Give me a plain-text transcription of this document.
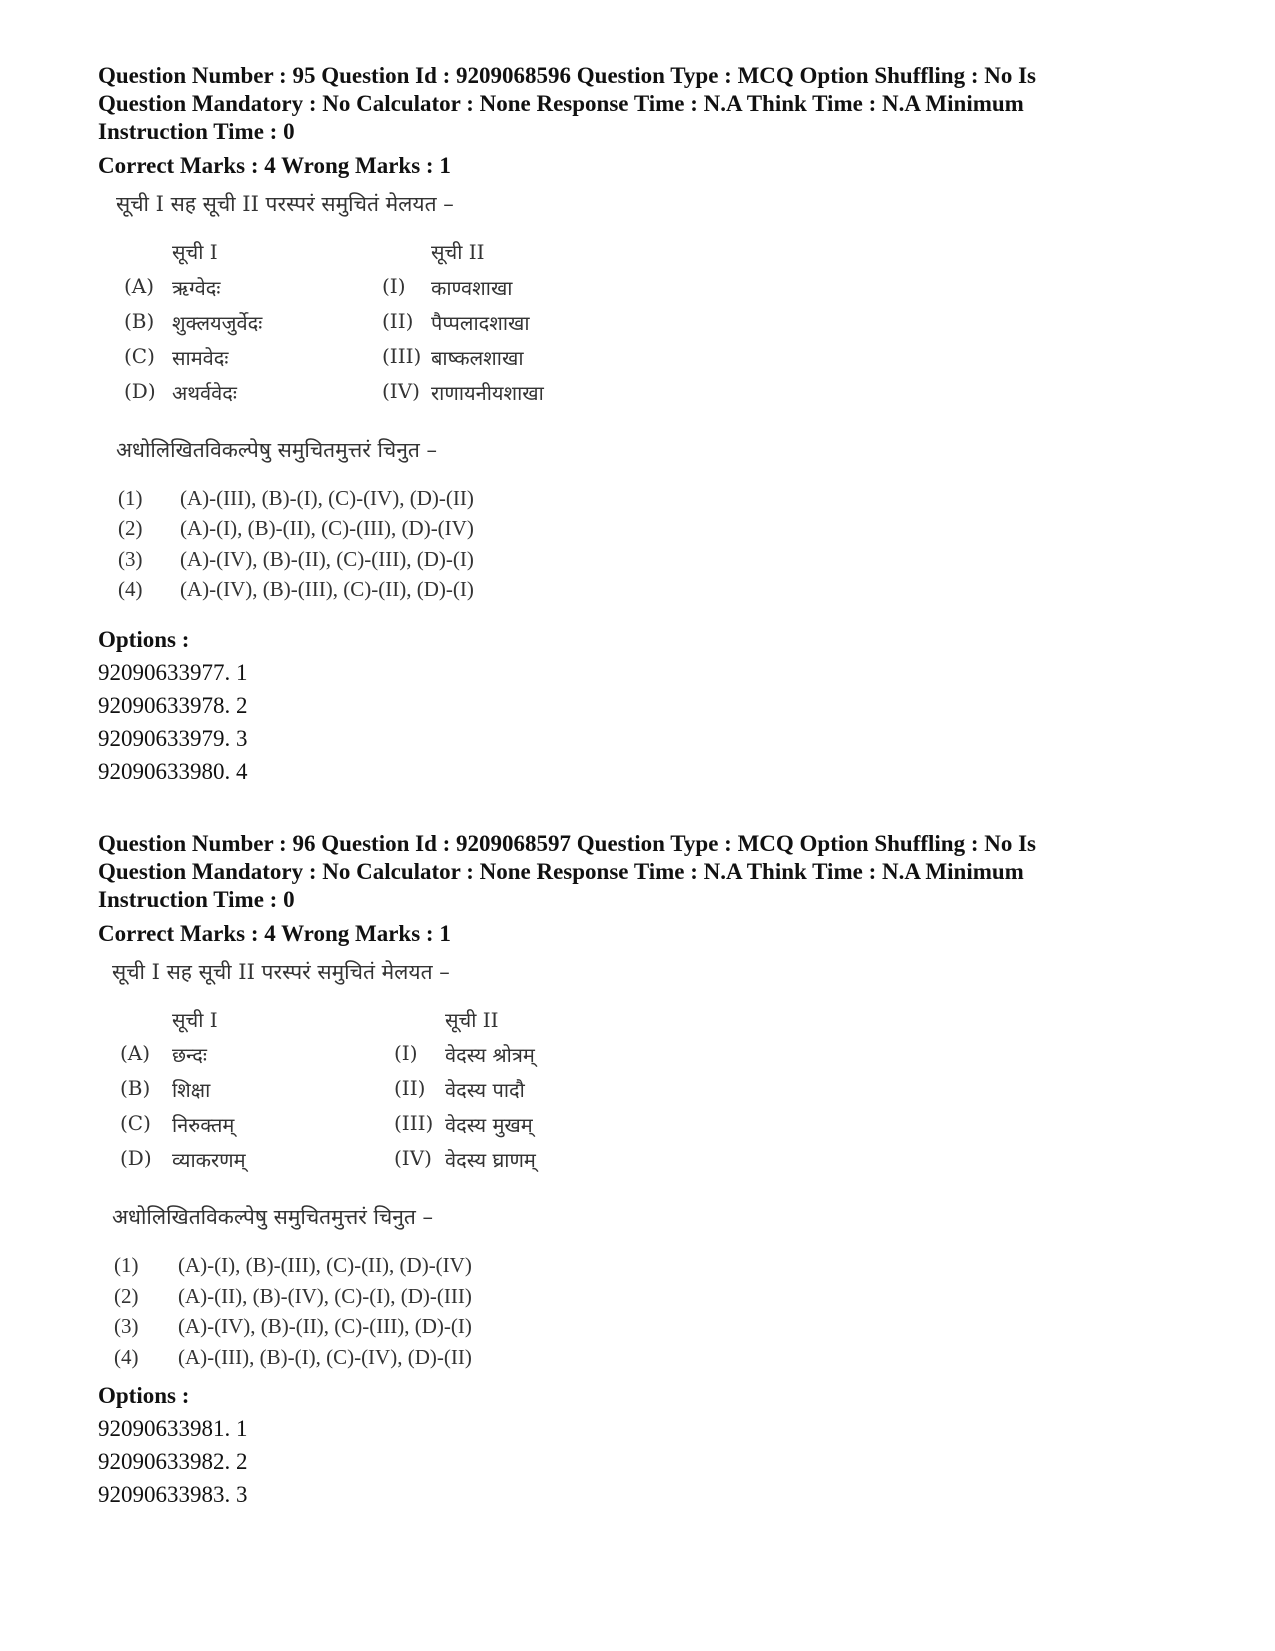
Question Number : 95 Question Id : 9209068596 Question Type : MCQ Option Shuffling : No Is

Question Mandatory : No Calculator : None Response Time : N.A Think Time : N.A Minimum

Instruction Time : 0

Correct Marks : 4 Wrong Marks : 1
सूची I सह सूची II परस्परं समुचितं मेलयत –
सूची I	सूची II
(A) ऋग्वेदः	(I) काण्वशाखा
(B) शुक्लयजुर्वेदः	(II) पैप्पलादशाखा
(C) सामवेदः	(III) बाष्कलशाखा
(D) अथर्ववेदः	(IV) राणायनीयशाखा
अधोलिखितविकल्पेषु समुचितमुत्तरं चिनुत –
(1) (A)-(III), (B)-(I), (C)-(IV), (D)-(II)
(2) (A)-(I), (B)-(II), (C)-(III), (D)-(IV)
(3) (A)-(IV), (B)-(II), (C)-(III), (D)-(I)
(4) (A)-(IV), (B)-(III), (C)-(II), (D)-(I)
Options :
92090633977. 1
92090633978. 2
92090633979. 3
92090633980. 4

Question Number : 96 Question Id : 9209068597 Question Type : MCQ Option Shuffling : No Is

Question Mandatory : No Calculator : None Response Time : N.A Think Time : N.A Minimum

Instruction Time : 0

Correct Marks : 4 Wrong Marks : 1
सूची I सह सूची II परस्परं समुचितं मेलयत –
सूची I	सूची II
(A) छन्दः	(I) वेदस्य श्रोत्रम्
(B) शिक्षा	(II) वेदस्य पादौ
(C) निरुक्तम्	(III) वेदस्य मुखम्
(D) व्याकरणम्	(IV) वेदस्य घ्राणम्
अधोलिखितविकल्पेषु समुचितमुत्तरं चिनुत –
(1) (A)-(I), (B)-(III), (C)-(II), (D)-(IV)
(2) (A)-(II), (B)-(IV), (C)-(I), (D)-(III)
(3) (A)-(IV), (B)-(II), (C)-(III), (D)-(I)
(4) (A)-(III), (B)-(I), (C)-(IV), (D)-(II)
Options :
92090633981. 1
92090633982. 2
92090633983. 3
